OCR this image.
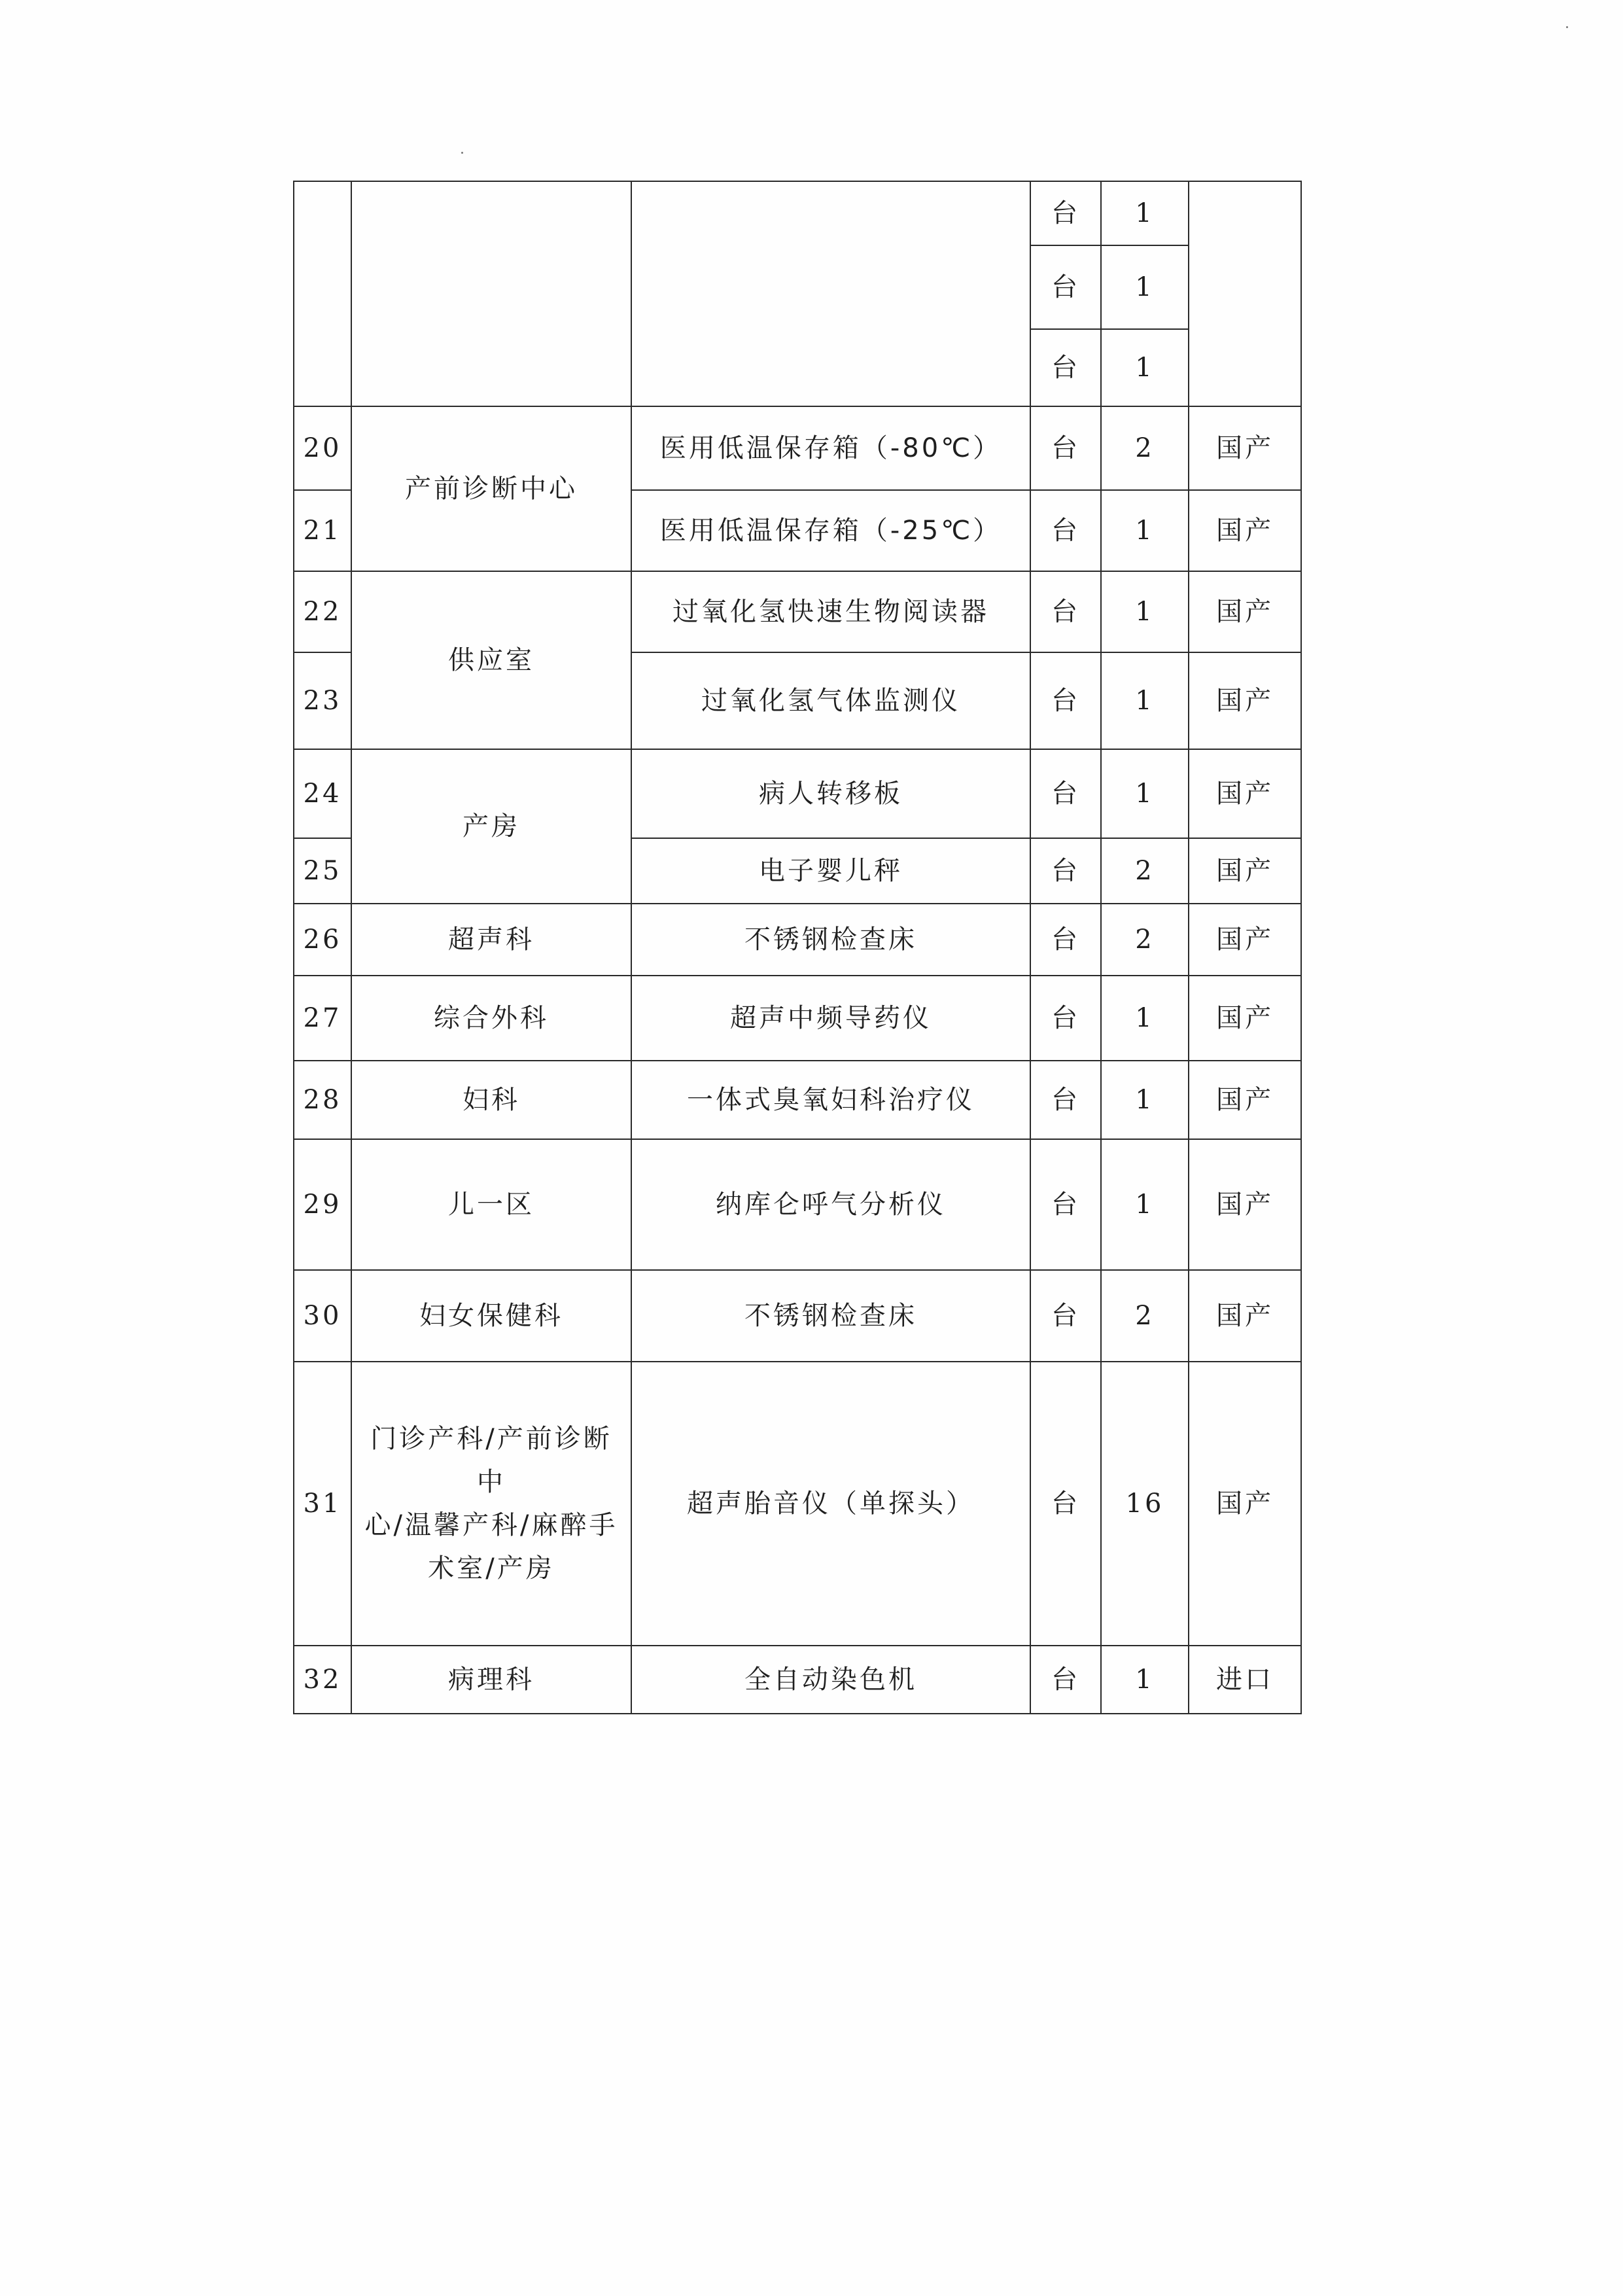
			台	1	
			台	1	
			台	1	
20	产前诊断中心	医用低温保存箱（-80℃）	台	2	国产
21		医用低温保存箱（-25℃）	台	1	国产
22	供应室	过氧化氢快速生物阅读器	台	1	国产
23		过氧化氢气体监测仪	台	1	国产
24	产房	病人转移板	台	1	国产
25		电子婴儿秤	台	2	国产
26	超声科	不锈钢检查床	台	2	国产
27	综合外科	超声中频导药仪	台	1	国产
28	妇科	一体式臭氧妇科治疗仪	台	1	国产
29	儿一区	纳库仑呼气分析仪	台	1	国产
30	妇女保健科	不锈钢检查床	台	2	国产
31	门诊产科/产前诊断中
心/温馨产科/麻醉手
术室/产房	超声胎音仪（单探头）	台	16	国产
32	病理科	全自动染色机	台	1	进口
